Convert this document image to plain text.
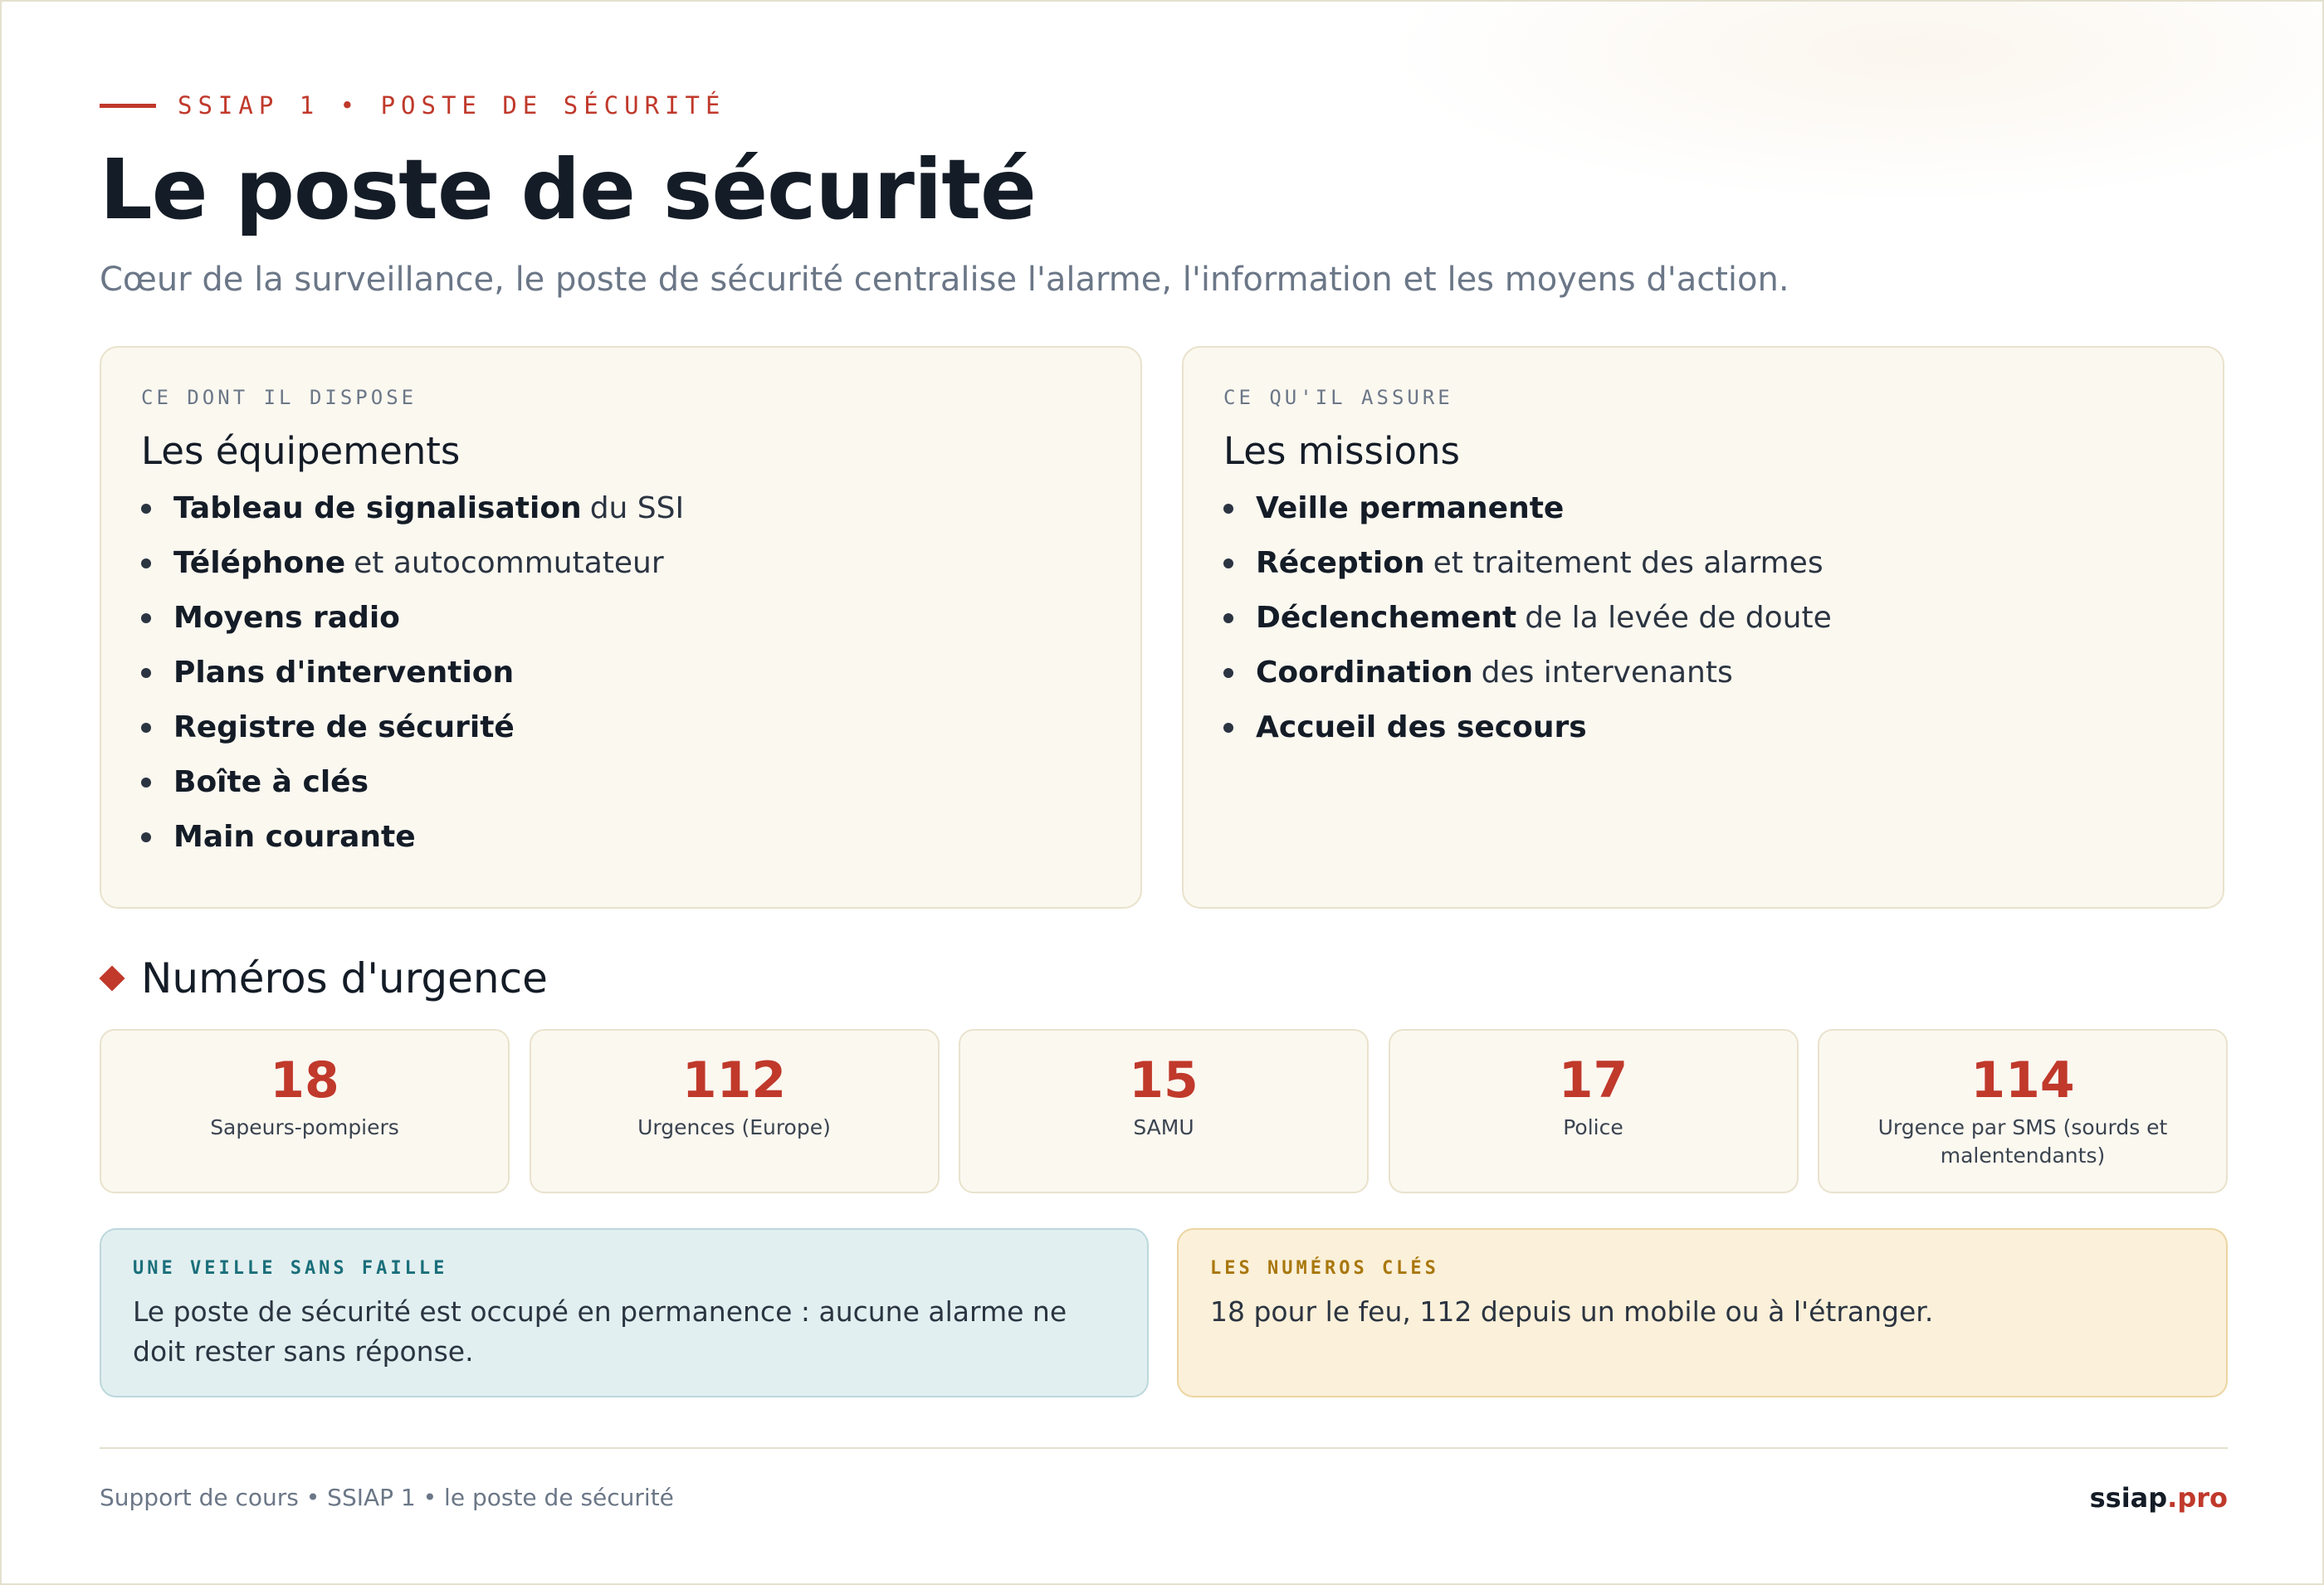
SSIAP 1 • POSTE DE SÉCURITÉ
Le poste de sécurité

Cœur de la surveillance, le poste de sécurité centralise l'alarme, l'information et les moyens d'action.

CE DONT IL DISPOSE

Les équipements
Tableau de signalisation du SSI
Téléphone et autocommutateur
Moyens radio
Plans d'intervention
Registre de sécurité
Boîte à clés
Main courante

CE QU'IL ASSURE

Les missions
Veille permanente
Réception et traitement des alarmes
Déclenchement de la levée de doute
Coordination des intervenants
Accueil des secours
Numéros d'urgence
18
Sapeurs-pompiers
112
Urgences (Europe)
15
SAMU
17
Police
114
Urgence par SMS (sourds et malentendants)

UNE VEILLE SANS FAILLE

Le poste de sécurité est occupé en permanence : aucune alarme ne doit rester sans réponse.

LES NUMÉROS CLÉS

18 pour le feu, 112 depuis un mobile ou à l'étranger.

Support de cours • SSIAP 1 • le poste de sécurité	ssiap.pro
